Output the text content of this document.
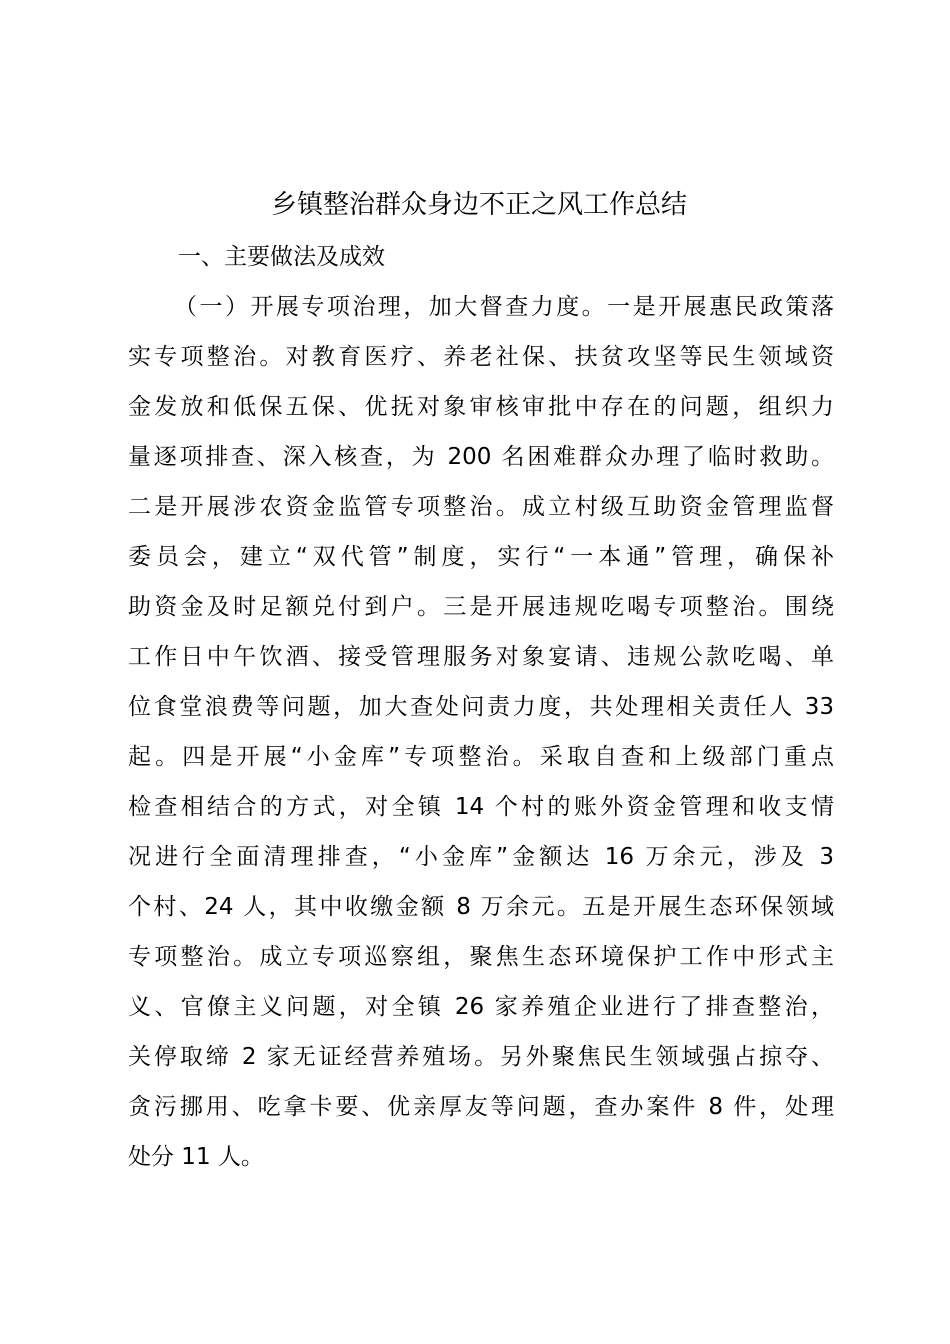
乡镇整治群众身边不正之风工作总结
一、主要做法及成效
（一）开展专项治理，加大督查力度。一是开展惠民政策落
实专项整治。对教育医疗、养老社保、扶贫攻坚等民生领域资
金发放和低保五保、优抚对象审核审批中存在的问题，组织力
量逐项排查、深入核查，为 200 名困难群众办理了临时救助。
二是开展涉农资金监管专项整治。成立村级互助资金管理监督
委员会，建立“双代管”制度，实行“一本通”管理，确保补
助资金及时足额兑付到户。三是开展违规吃喝专项整治。围绕
工作日中午饮酒、接受管理服务对象宴请、违规公款吃喝、单
位食堂浪费等问题，加大查处问责力度，共处理相关责任人 33
起。四是开展“小金库”专项整治。采取自查和上级部门重点
检查相结合的方式，对全镇 14 个村的账外资金管理和收支情
况进行全面清理排查，“小金库”金额达 16 万余元，涉及 3
个村、24 人，其中收缴金额 8 万余元。五是开展生态环保领域
专项整治。成立专项巡察组，聚焦生态环境保护工作中形式主
义、官僚主义问题，对全镇 26 家养殖企业进行了排查整治，
关停取缔 2 家无证经营养殖场。另外聚焦民生领域强占掠夺、
贪污挪用、吃拿卡要、优亲厚友等问题，查办案件 8 件，处理
处分 11 人。
